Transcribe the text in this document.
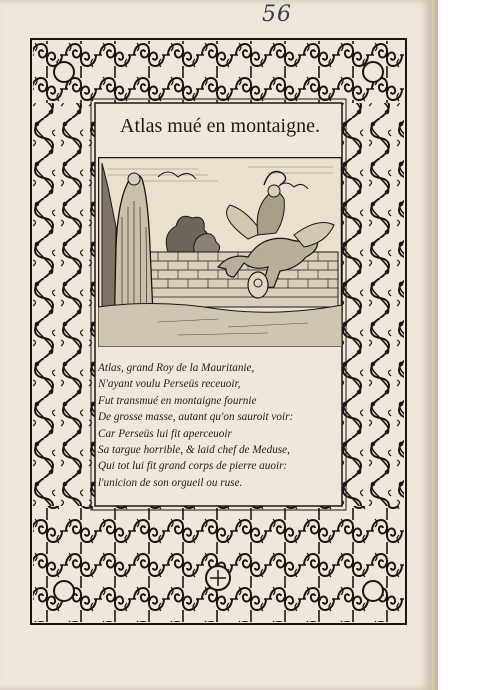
56
Atlas mué en montaigne.
Atlas, grand Roy de la Mauritanie,
N'ayant voulu Perseüs receuoir,
Fut transmué en montaigne fournie
De grosse masse, autant qu'on sauroit voir:
Car Perseüs lui fit aperceuoir
Sa targue horrible, & laid chef de Meduse,
Qui tot lui fit grand corps de pierre auoir:
l'unicion de son orgueil ou ruse.
